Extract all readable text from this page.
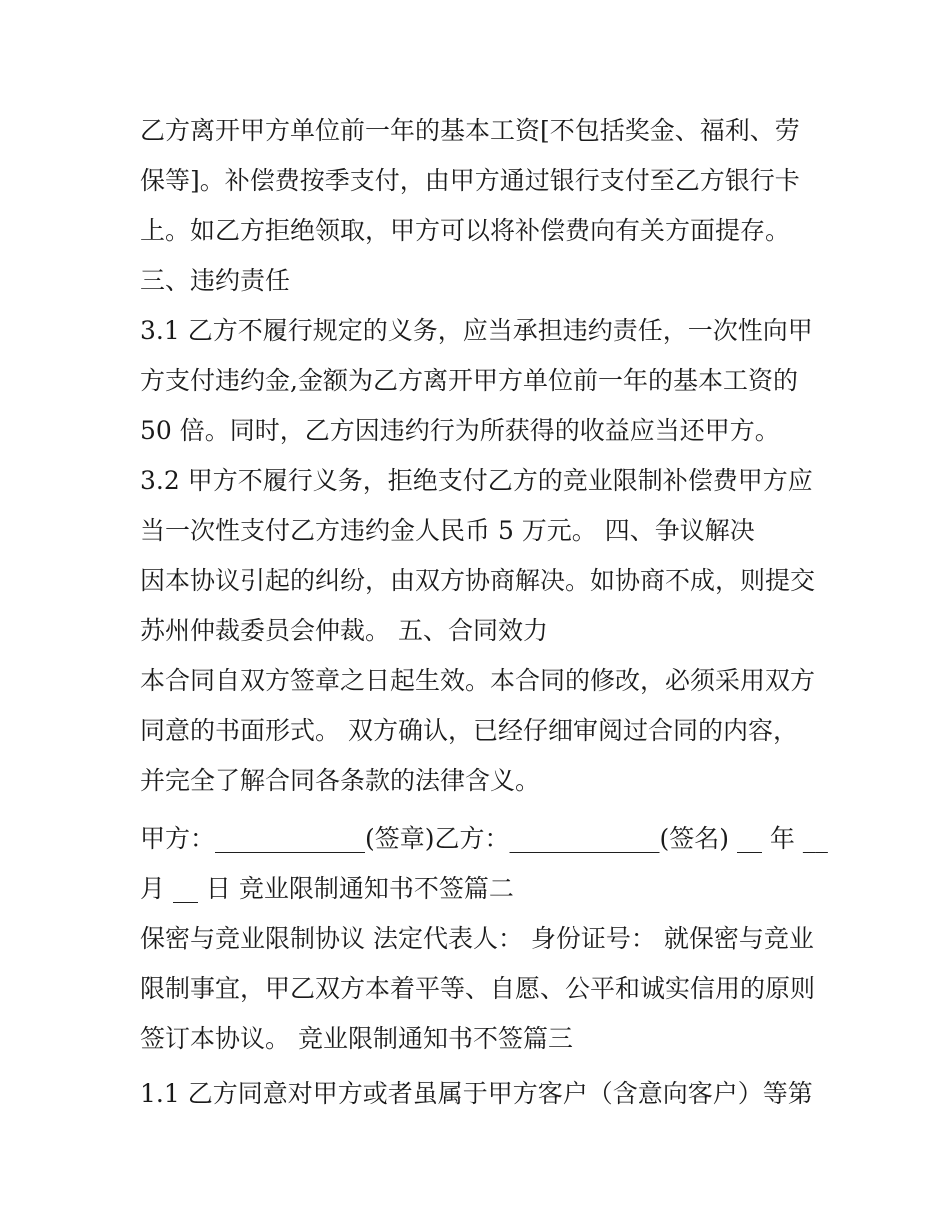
乙方离开甲方单位前一年的基本工资[不包括奖金、福利、劳
保等]。补偿费按季支付，由甲方通过银行支付至乙方银行卡
上。如乙方拒绝领取，甲方可以将补偿费向有关方面提存。
三、违约责任
3.1 乙方不履行规定的义务，应当承担违约责任，一次性向甲
方支付违约金,金额为乙方离开甲方单位前一年的基本工资的
50 倍。同时，乙方因违约行为所获得的收益应当还甲方。
3.2 甲方不履行义务，拒绝支付乙方的竞业限制补偿费甲方应
当一次性支付乙方违约金人民币 5 万元。 四、争议解决
因本协议引起的纠纷，由双方协商解决。如协商不成，则提交
苏州仲裁委员会仲裁。 五、合同效力
本合同自双方签章之日起生效。本合同的修改，必须采用双方
同意的书面形式。 双方确认，已经仔细审阅过合同的内容，
并完全了解合同各条款的法律含义。
甲方：____________(签章)乙方：____________(签名) __ 年 __
月 __ 日 竞业限制通知书不签篇二
保密与竞业限制协议 法定代表人： 身份证号： 就保密与竞业
限制事宜，甲乙双方本着平等、自愿、公平和诚实信用的原则
签订本协议。 竞业限制通知书不签篇三
1.1 乙方同意对甲方或者虽属于甲方客户（含意向客户）等第
